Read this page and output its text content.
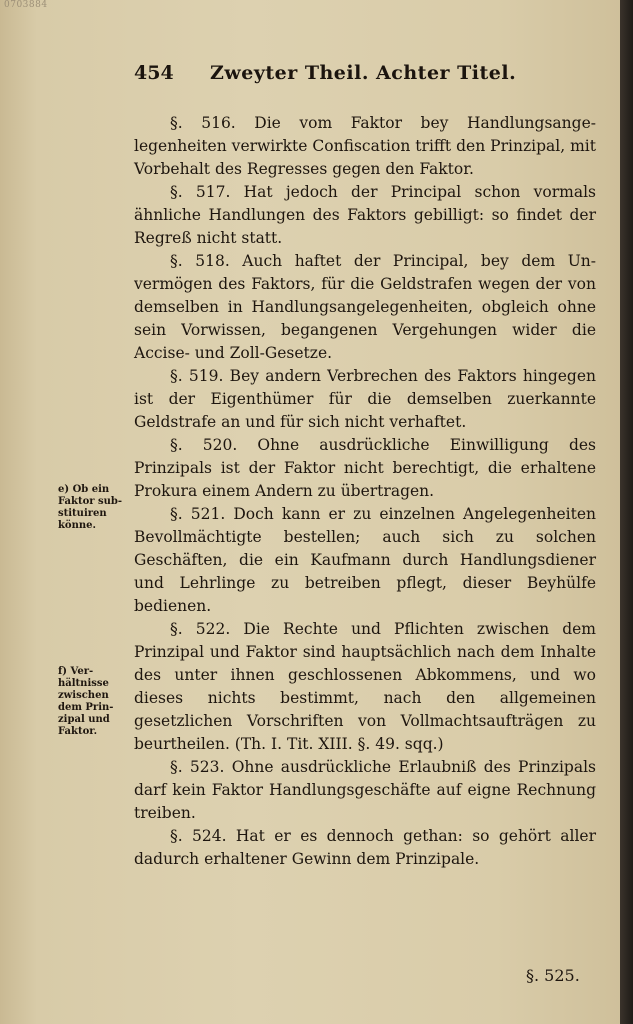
0703884
454 Zweyter Theil. Achter Titel.

§. 516. Die vom Faktor bey Handlungsangelegenheiten verwirkte Confiscation trifft den Prinzipal, mit Vorbehalt des Regresses gegen den Faktor.

§. 517. Hat jedoch der Principal schon vormals ähnliche Handlungen des Faktors gebilligt: so findet der Regreß nicht statt.

§. 518. Auch haftet der Principal, bey dem Unvermögen des Faktors, für die Geldstrafen wegen der von demselben in Handlungsangelegenheiten, obgleich ohne sein Vorwissen, begangenen Vergehungen wider die Accise- und Zoll-Gesetze.

§. 519. Bey andern Verbrechen des Faktors hingegen ist der Eigenthümer für die demselben zuerkannte Geldstrafe an und für sich nicht verhaftet.

§. 520. Ohne ausdrückliche Einwilligung des Prinzipals ist der Faktor nicht berechtigt, die erhaltene Prokura einem Andern zu übertragen.

§. 521. Doch kann er zu einzelnen Angelegenheiten Bevollmächtigte bestellen; auch sich zu solchen Geschäften, die ein Kaufmann durch Handlungsdiener und Lehrlinge zu betreiben pflegt, dieser Beyhülfe bedienen.

§. 522. Die Rechte und Pflichten zwischen dem Prinzipal und Faktor sind hauptsächlich nach dem Inhalte des unter ihnen geschlossenen Abkommens, und wo dieses nichts bestimmt, nach den allgemeinen gesetzlichen Vorschriften von Vollmachtsaufträgen zu beurtheilen. (Th. I. Tit. XIII. §. 49. sqq.)

§. 523. Ohne ausdrückliche Erlaubniß des Prinzipals darf kein Faktor Handlungsgeschäfte auf eigne Rechnung treiben.

§. 524. Hat er es dennoch gethan: so gehört aller dadurch erhaltener Gewinn dem Prinzipale.

e) Ob ein Faktor substituiren könne.
f) Verhältnisse zwischen dem Prinzipal und Faktor.
§. 525.
